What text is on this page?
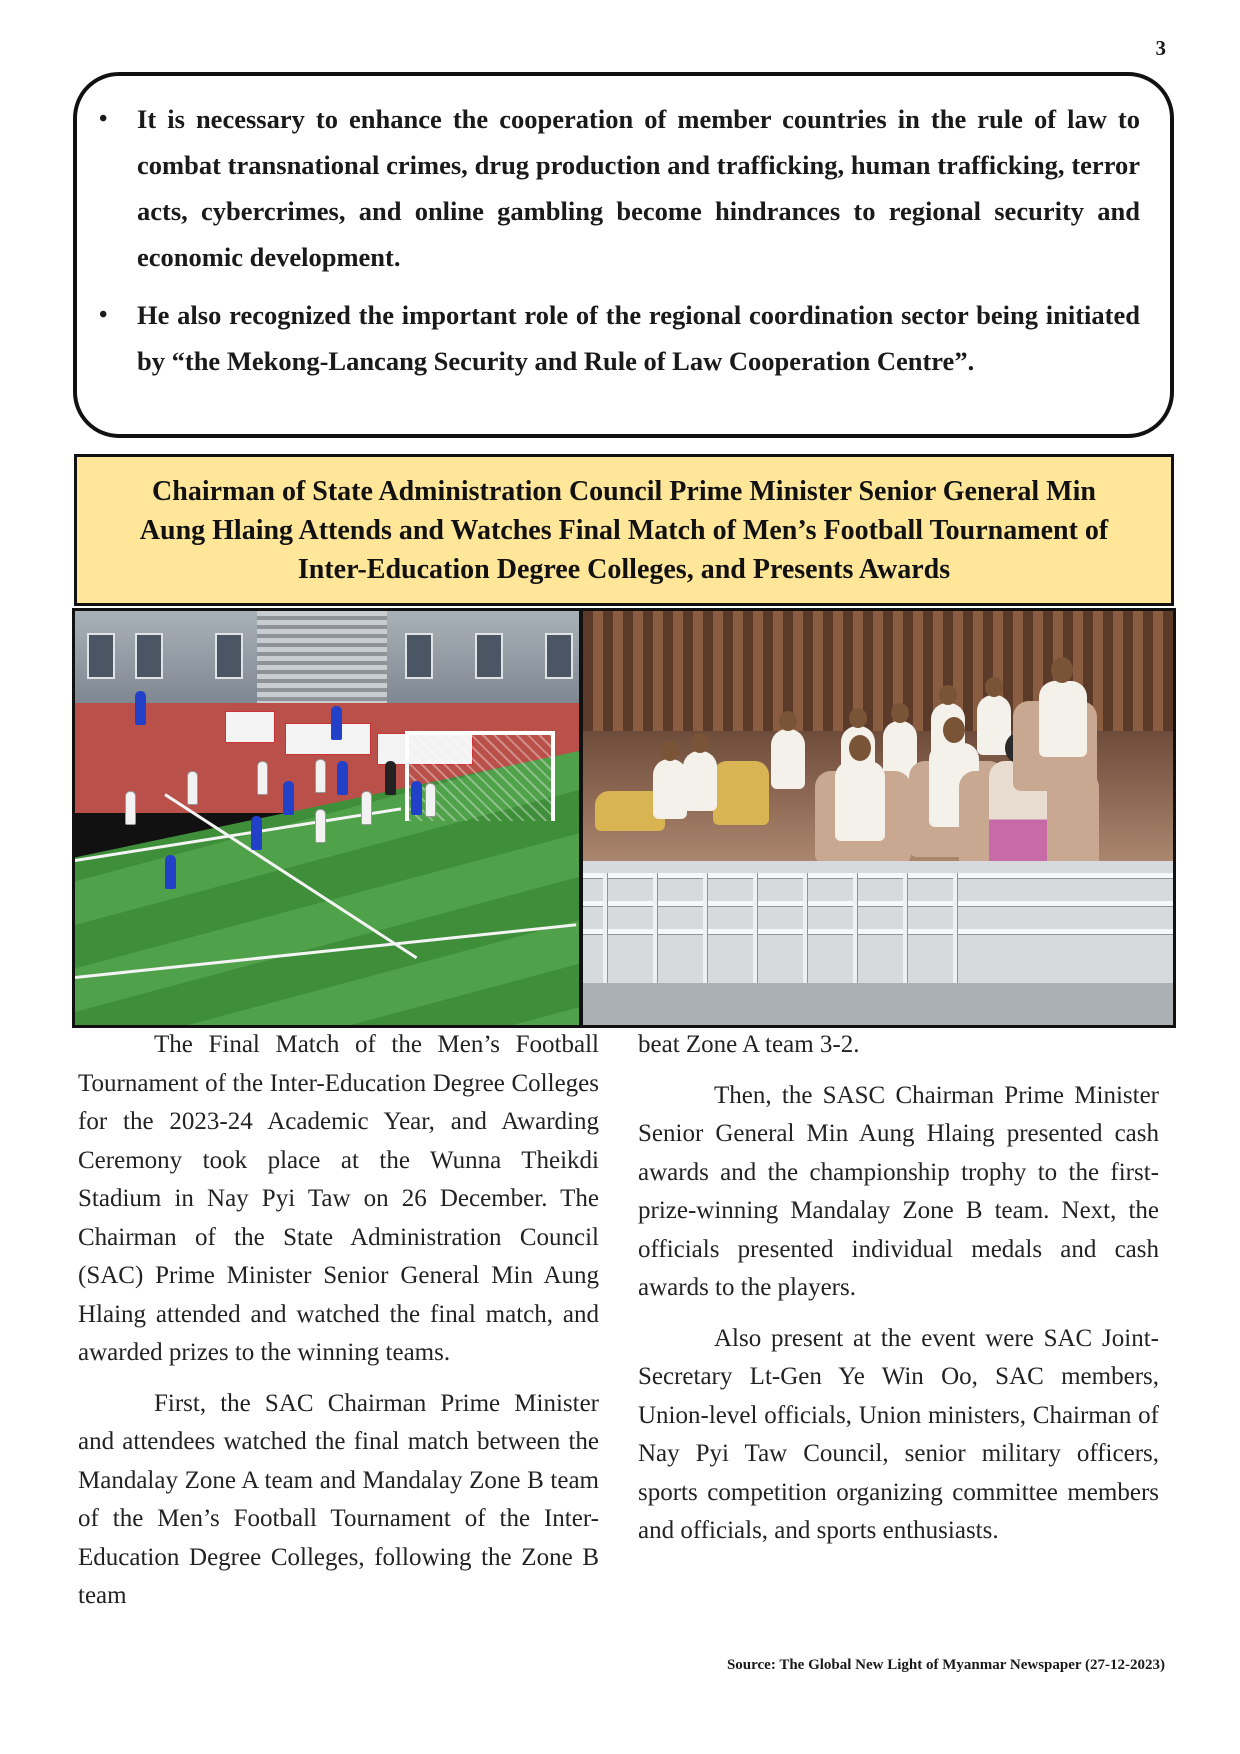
3

• It is necessary to enhance the cooperation of member countries in the rule of law to combat transnational crimes, drug production and trafficking, human trafficking, terror acts, cybercrimes, and online gambling become hindrances to regional security and economic development.

• He also recognized the important role of the regional coordination sector being initiated by “the Mekong-Lancang Security and Rule of Law Cooperation Centre”.

Chairman of State Administration Council Prime Minister Senior General Min Aung Hlaing Attends and Watches Final Match of Men’s Football Tournament of Inter-Education Degree Colleges, and Presents Awards

The Final Match of the Men’s Football Tournament of the Inter-Education Degree Colleges for the 2023-24 Academic Year, and Awarding Ceremony took place at the Wunna Theikdi Stadium in Nay Pyi Taw on 26 December. The Chairman of the State Administration Council (SAC) Prime Minister Senior General Min Aung Hlaing attended and watched the final match, and awarded prizes to the winning teams.

First, the SAC Chairman Prime Minister and attendees watched the final match between the Mandalay Zone A team and Mandalay Zone B team of the Men’s Football Tournament of the Inter-Education Degree Colleges, following the Zone B team

beat Zone A team 3-2.

Then, the SASC Chairman Prime Minister Senior General Min Aung Hlaing presented cash awards and the championship trophy to the first-prize-winning Mandalay Zone B team. Next, the officials presented individual medals and cash awards to the players.

Also present at the event were SAC Joint-Secretary Lt-Gen Ye Win Oo, SAC members, Union-level officials, Union ministers, Chairman of Nay Pyi Taw Council, senior military officers, sports competition organizing committee members and officials, and sports enthusiasts.

Source: The Global New Light of Myanmar Newspaper (27-12-2023)
